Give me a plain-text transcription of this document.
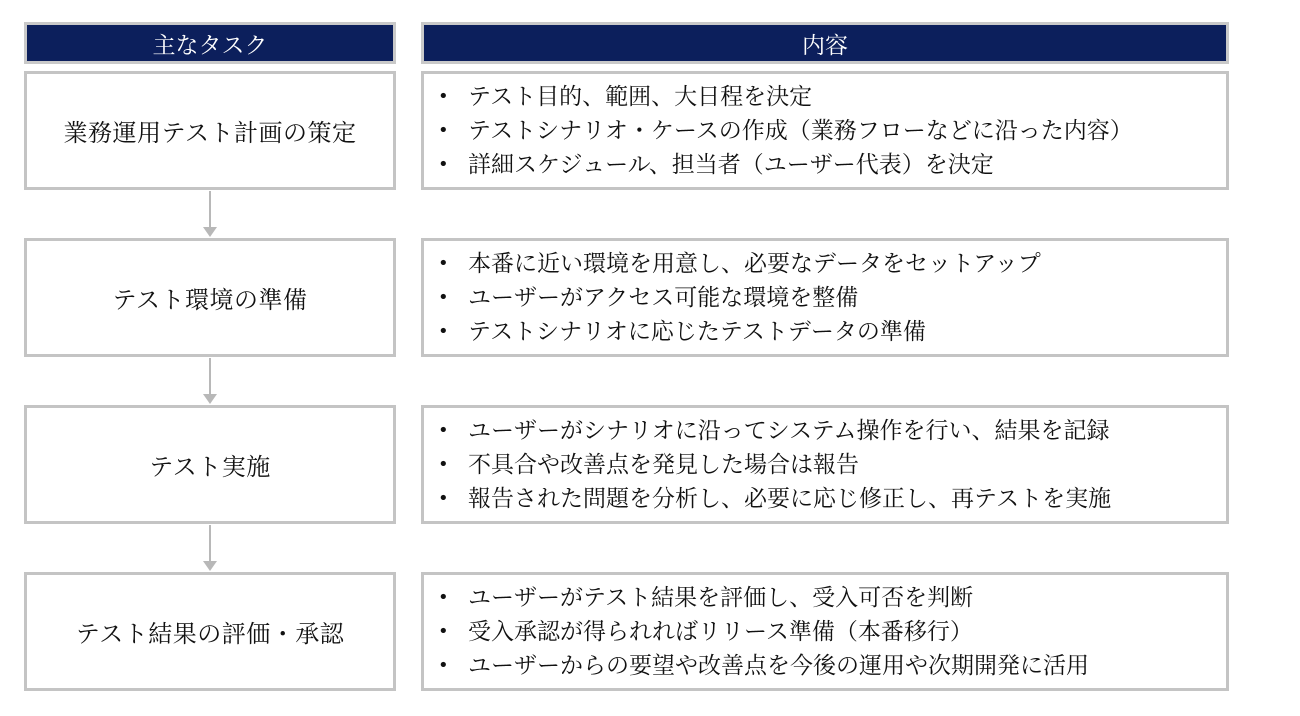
主なタスク	内容
業務運用テスト計画の策定
• テスト目的、範囲、大日程を決定
• テストシナリオ・ケースの作成（業務フローなどに沿った内容）
• 詳細スケジュール、担当者（ユーザー代表）を決定
テスト環境の準備
• 本番に近い環境を用意し、必要なデータをセットアップ
• ユーザーがアクセス可能な環境を整備
• テストシナリオに応じたテストデータの準備
テスト実施
• ユーザーがシナリオに沿ってシステム操作を行い、結果を記録
• 不具合や改善点を発見した場合は報告
• 報告された問題を分析し、必要に応じ修正し、再テストを実施
テスト結果の評価・承認
• ユーザーがテスト結果を評価し、受入可否を判断
• 受入承認が得られればリリース準備（本番移行）
• ユーザーからの要望や改善点を今後の運用や次期開発に活用
